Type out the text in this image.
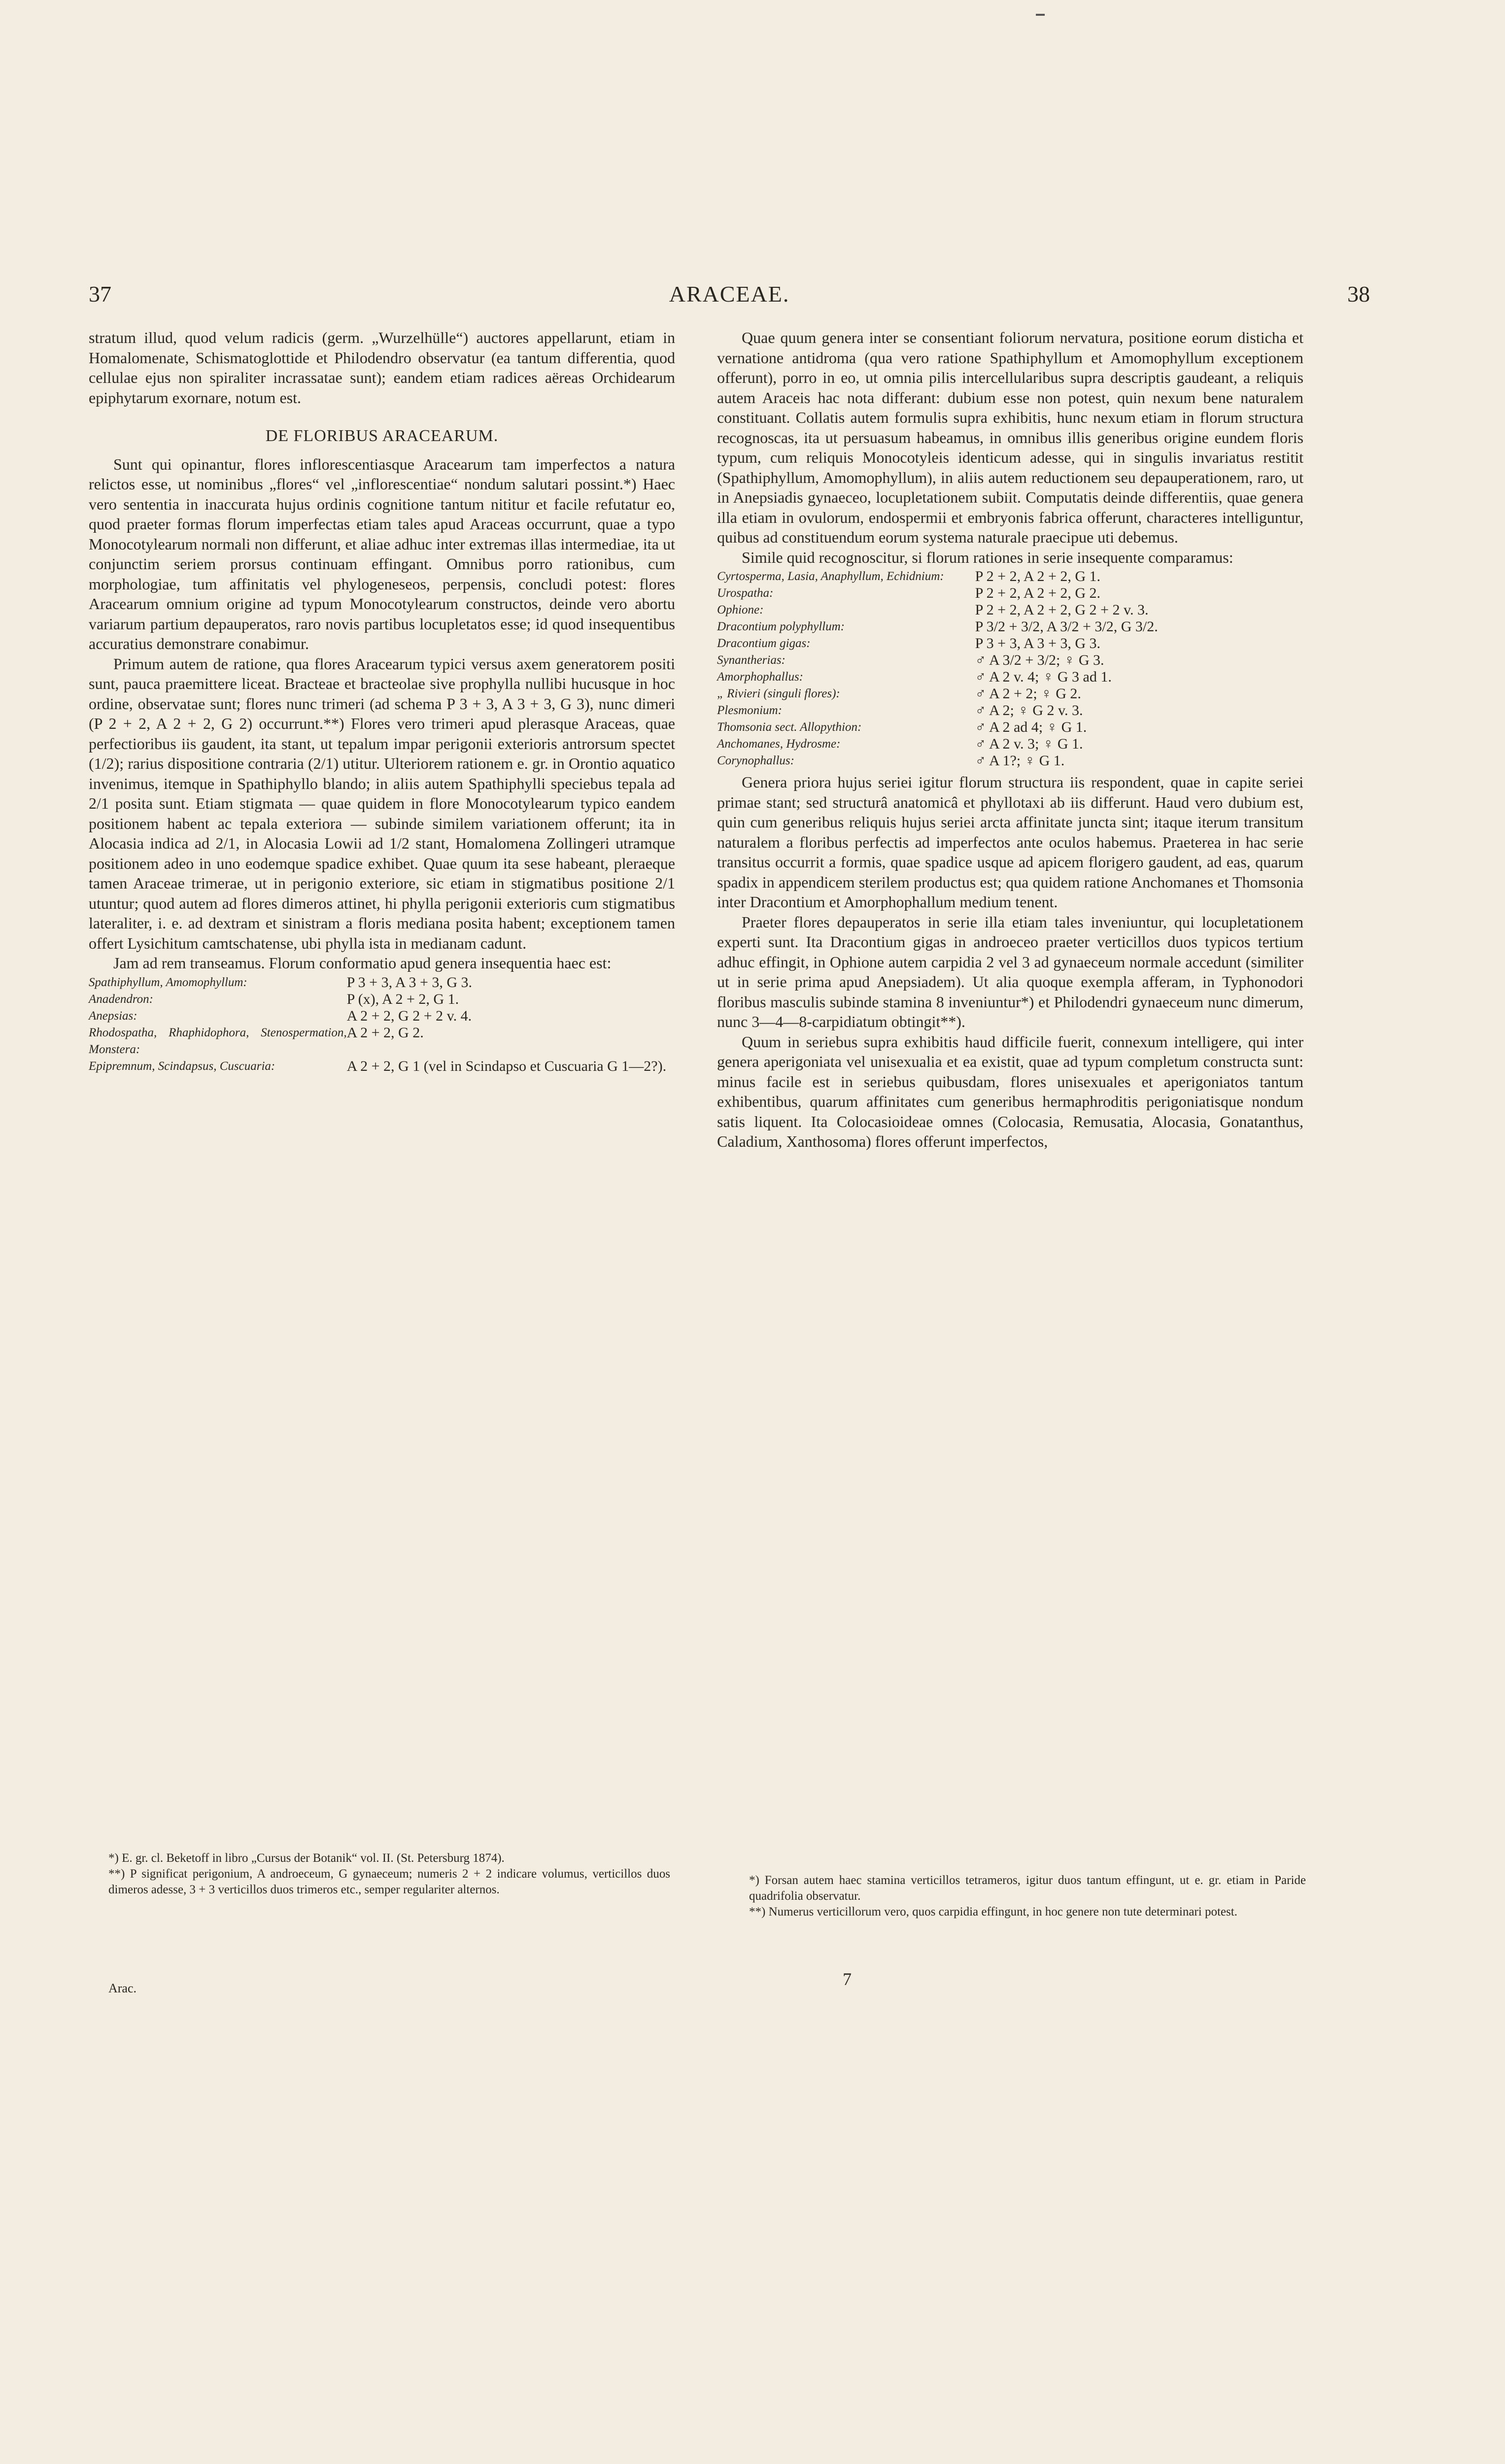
37	ARACEAE.	38

stratum illud, quod velum radicis (germ. „Wurzelhülle“) auctores appellarunt, etiam in Homalomenate, Schismatoglottide et Philodendro observatur (ea tantum differentia, quod cellulae ejus non spiraliter incrassatae sunt); eandem etiam radices aëreas Orchidearum epiphytarum exornare, notum est.

DE FLORIBUS ARACEARUM.

Sunt qui opinantur, flores inflorescentiasque Aracearum tam imperfectos a natura relictos esse, ut nominibus „flores“ vel „inflorescentiae“ nondum salutari possint.*) Haec vero sententia in inaccurata hujus ordinis cognitione tantum nititur et facile refutatur eo, quod praeter formas florum imperfectas etiam tales apud Araceas occurrunt, quae a typo Monocotylearum normali non differunt, et aliae adhuc inter extremas illas intermediae, ita ut conjunctim seriem prorsus continuam effingant. Omnibus porro rationibus, cum morphologiae, tum affinitatis vel phylogeneseos, perpensis, concludi potest: flores Aracearum omnium origine ad typum Monocotylearum constructos, deinde vero abortu variarum partium depauperatos, raro novis partibus locupletatos esse; id quod insequentibus accuratius demonstrare conabimur.

Primum autem de ratione, qua flores Aracearum typici versus axem generatorem positi sunt, pauca praemittere liceat. Bracteae et bracteolae sive prophylla nullibi hucusque in hoc ordine, observatae sunt; flores nunc trimeri (ad schema P 3 + 3, A 3 + 3, G 3), nunc dimeri (P 2 + 2, A 2 + 2, G 2) occurrunt.**) Flores vero trimeri apud plerasque Araceas, quae perfectioribus iis gaudent, ita stant, ut tepalum impar perigonii exterioris antrorsum spectet (1/2); rarius dispositione contraria (2/1) utitur. Ulteriorem rationem e. gr. in Orontio aquatico invenimus, itemque in Spathiphyllo blando; in aliis autem Spathiphylli speciebus tepala ad 2/1 posita sunt. Etiam stigmata — quae quidem in flore Monocotylearum typico eandem positionem habent ac tepala exteriora — subinde similem variationem offerunt; ita in Alocasia indica ad 2/1, in Alocasia Lowii ad 1/2 stant, Homalomena Zollingeri utramque positionem adeo in uno eodemque spadice exhibet. Quae quum ita sese habeant, pleraeque tamen Araceae trimerae, ut in perigonio exteriore, sic etiam in stigmatibus positione 2/1 utuntur; quod autem ad flores dimeros attinet, hi phylla perigonii exterioris cum stigmatibus lateraliter, i. e. ad dextram et sinistram a floris mediana posita habent; exceptionem tamen offert Lysichitum camtschatense, ubi phylla ista in medianam cadunt.

Jam ad rem transeamus. Florum conformatio apud genera insequentia haec est:

Spathiphyllum, Amomophyllum:	P 3 + 3, A 3 + 3, G 3.
Anadendron:	P (x), A 2 + 2, G 1.
Anepsias:	A 2 + 2, G 2 + 2 v. 4.
Rhodospatha, Rhaphidophora, Stenospermation, Monstera:	A 2 + 2, G 2.
Epipremnum, Scindapsus, Cuscuaria:	A 2 + 2, G 1 (vel in Scindapso et Cuscuaria G 1—2?).

*) E. gr. cl. Beketoff in libro „Cursus der Botanik“ vol. II. (St. Petersburg 1874).

**) P significat perigonium, A androeceum, G gynaeceum; numeris 2 + 2 indicare volumus, verticillos duos dimeros adesse, 3 + 3 verticillos duos trimeros etc., semper regulariter alternos.

Arac.

Quae quum genera inter se consentiant foliorum nervatura, positione eorum disticha et vernatione antidroma (qua vero ratione Spathiphyllum et Amomophyllum exceptionem offerunt), porro in eo, ut omnia pilis intercellularibus supra descriptis gaudeant, a reliquis autem Araceis hac nota differant: dubium esse non potest, quin nexum bene naturalem constituant. Collatis autem formulis supra exhibitis, hunc nexum etiam in florum structura recognoscas, ita ut persuasum habeamus, in omnibus illis generibus origine eundem floris typum, cum reliquis Monocotyleis identicum adesse, qui in singulis invariatus restitit (Spathiphyllum, Amomophyllum), in aliis autem reductionem seu depauperationem, raro, ut in Anepsiadis gynaeceo, locupletationem subiit. Computatis deinde differentiis, quae genera illa etiam in ovulorum, endospermii et embryonis fabrica offerunt, characteres intelliguntur, quibus ad constituendum eorum systema naturale praecipue uti debemus.

Simile quid recognoscitur, si florum rationes in serie insequente comparamus:

Cyrtosperma, Lasia, Anaphyllum, Echidnium:	P 2 + 2, A 2 + 2, G 1.
Urospatha:	P 2 + 2, A 2 + 2, G 2.
Ophione:	P 2 + 2, A 2 + 2, G 2 + 2 v. 3.
Dracontium polyphyllum:	P 3/2 + 3/2, A 3/2 + 3/2, G 3/2.
Dracontium gigas:	P 3 + 3, A 3 + 3, G 3.
Synantherias:	♂ A 3/2 + 3/2; ♀ G 3.
Amorphophallus:	♂ A 2 v. 4; ♀ G 3 ad 1.
„ Rivieri (singuli flores):	♂ A 2 + 2; ♀ G 2.
Plesmonium:	♂ A 2; ♀ G 2 v. 3.
Thomsonia sect. Allopythion:	♂ A 2 ad 4; ♀ G 1.
Anchomanes, Hydrosme:	♂ A 2 v. 3; ♀ G 1.
Corynophallus:	♂ A 1?; ♀ G 1.

Genera priora hujus seriei igitur florum structura iis respondent, quae in capite seriei primae stant; sed structurâ anatomicâ et phyllotaxi ab iis differunt. Haud vero dubium est, quin cum generibus reliquis hujus seriei arcta affinitate juncta sint; itaque iterum transitum naturalem a floribus perfectis ad imperfectos ante oculos habemus. Praeterea in hac serie transitus occurrit a formis, quae spadice usque ad apicem florigero gaudent, ad eas, quarum spadix in appendicem sterilem productus est; qua quidem ratione Anchomanes et Thomsonia inter Dracontium et Amorphophallum medium tenent.

Praeter flores depauperatos in serie illa etiam tales inveniuntur, qui locupletationem experti sunt. Ita Dracontium gigas in androeceo praeter verticillos duos typicos tertium adhuc effingit, in Ophione autem carpidia 2 vel 3 ad gynaeceum normale accedunt (similiter ut in serie prima apud Anepsiadem). Ut alia quoque exempla afferam, in Typhonodori floribus masculis subinde stamina 8 inveniuntur*) et Philodendri gynaeceum nunc dimerum, nunc 3—4—8-carpidiatum obtingit**).

Quum in seriebus supra exhibitis haud difficile fuerit, connexum intelligere, qui inter genera aperigoniata vel unisexualia et ea existit, quae ad typum completum constructa sunt: minus facile est in seriebus quibusdam, flores unisexuales et aperigoniatos tantum exhibentibus, quarum affinitates cum generibus hermaphroditis perigoniatisque nondum satis liquent. Ita Colocasioideae omnes (Colocasia, Remusatia, Alocasia, Gonatanthus, Caladium, Xanthosoma) flores offerunt imperfectos,

*) Forsan autem haec stamina verticillos tetrameros, igitur duos tantum effingunt, ut e. gr. etiam in Paride quadrifolia observatur.

**) Numerus verticillorum vero, quos carpidia effingunt, in hoc genere non tute determinari potest.

7
